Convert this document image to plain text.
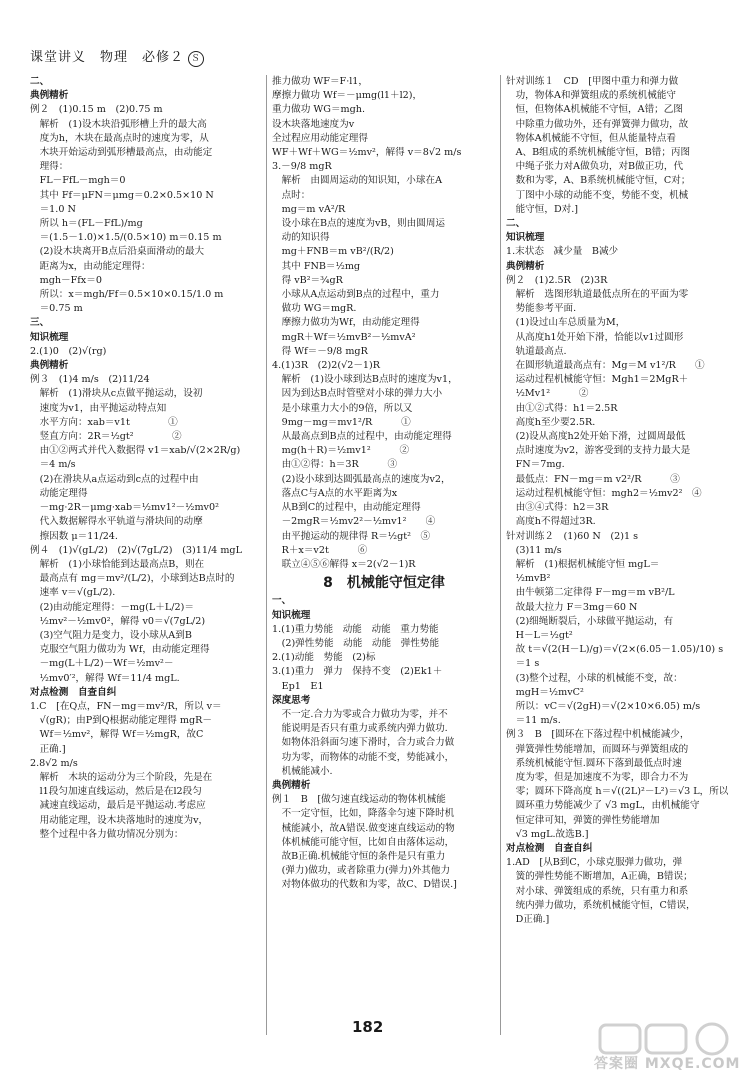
课堂讲义　物理　必修２ Ｓ
二、
典例精析
例２　(1)0.15 m　(2)0.75 m
　解析　(1)设木块沿弧形槽上升的最大高
　度为h，木块在最高点时的速度为零，从
　木块开始运动到弧形槽最高点，由动能定
　理得：
　FL－FfL－mgh＝0
　其中 Ff＝μFN＝μmg＝0.2×0.5×10 N
　＝1.0 N
　所以 h＝(FL－FfL)/mg
　＝(1.5－1.0)×1.5/(0.5×10) m＝0.15 m
　(2)设木块离开B点后沿桌面滑动的最大
　距离为x，由动能定理得：
　mgh－Ffx＝0
　所以：x＝mgh/Ff＝0.5×10×0.15/1.0 m
　＝0.75 m
三、
知识梳理
2.(1)0　(2)√(rg)
典例精析
例３　(1)4 m/s　(2)11/24
　解析　(1)滑块从c点做平抛运动，设初
　速度为v1，由平抛运动特点知
　水平方向：xab＝v1t　　　　①
　竖直方向：2R＝½gt²　　　　②
　由①②两式并代入数据得 v1＝xab/√(2×2R/g)
　＝4 m/s
　(2)在滑块从a点运动到c点的过程中由
　动能定理得
　－mg·2R－μmg·xab＝½mv1²－½mv0²
　代入数据解得水平轨道与滑块间的动摩
　擦因数 μ＝11/24.
例４　(1)√(gL/2)　(2)√(7gL/2)　(3)11/4 mgL
　解析　(1)小球恰能到达最高点B，则在
　最高点有 mg＝mv²/(L/2)，小球到达B点时的
　速率 v＝√(gL/2).
　(2)由动能定理得：－mg(L＋L/2)＝
　½mv²－½mv0²，解得 v0＝√(7gL/2)
　(3)空气阻力是变力，设小球从A到B
　克服空气阻力做功为 Wf，由动能定理得
　－mg(L＋L/2)－Wf＝½mv²－
　½mv0′²，解得 Wf＝11/4 mgL.
对点检测　自查自纠
1.C　[在Q点，FN－mg＝mv²/R，所以 v＝
　√(gR)；由P到Q根据动能定理得 mgR－
　Wf＝½mv²，解得 Wf＝½mgR，故C
　正确.]
2.8√2 m/s
　解析　木块的运动分为三个阶段，先是在
　l1段匀加速直线运动，然后是在l2段匀
　减速直线运动，最后是平抛运动.考虑应
　用动能定理，设木块落地时的速度为v，
　整个过程中各力做功情况分别为：
推力做功 WF＝F·l1，
摩擦力做功 Wf＝－μmg(l1＋l2)，
重力做功 WG＝mgh.
设木块落地速度为v
全过程应用动能定理得
WF＋Wf＋WG＝½mv²，解得 v＝8√2 m/s
3.－9/8 mgR
　解析　由圆周运动的知识知，小球在A
　点时：
　mg＝m vA²/R
　设小球在B点的速度为vB，则由圆周运
　动的知识得
　mg＋FNB＝m vB²/(R/2)
　其中 FNB＝½mg
　得 vB²＝¾gR
　小球从A点运动到B点的过程中，重力
　做功 WG＝mgR.
　摩擦力做功为Wf，由动能定理得
　mgR＋Wf＝½mvB²－½mvA²
　得 Wf＝－9/8 mgR
4.(1)3R　(2)2(√2－1)R
　解析　(1)设小球到达B点时的速度为v1，
　因为到达B点时管壁对小球的弹力大小
　是小球重力大小的9倍，所以又
　9mg－mg＝mv1²/R　　　①
　从最高点到B点的过程中，由动能定理得
　mg(h＋R)＝½mv1²　　　②
　由①②得：h＝3R　　　③
　(2)设小球到达圆弧最高点的速度为v2，
　落点C与A点的水平距离为x
　从B到C的过程中，由动能定理得
　－2mgR＝½mv2²－½mv1²　　④
　由平抛运动的规律得 R＝½gt²　⑤
　R＋x＝v2t　　　⑥
　联立④⑤⑥解得 x＝2(√2－1)R
8　机械能守恒定律
一、
知识梳理
1.(1)重力势能　动能　动能　重力势能
　(2)弹性势能　动能　动能　弹性势能
2.(1)动能　势能　(2)标
3.(1)重力　弹力　保持不变　(2)Ek1＋
　Ep1　E1
深度思考
　不一定.合力为零或合力做功为零，并不
　能说明是否只有重力或系统内弹力做功.
　如物体沿斜面匀速下滑时，合力或合力做
　功为零，而物体的动能不变，势能减小，
　机械能减小.
典例精析
例１　B　[做匀速直线运动的物体机械能
　不一定守恒，比如，降落伞匀速下降时机
　械能减小，故A错误.做变速直线运动的物
　体机械能可能守恒，比如自由落体运动，
　故B正确.机械能守恒的条件是只有重力
　(弹力)做功，或者除重力(弹力)外其他力
　对物体做功的代数和为零，故C、D错误.]
针对训练１　CD　[甲图中重力和弹力做
　功，物体A和弹簧组成的系统机械能守
　恒，但物体A机械能不守恒，A错；乙图
　中除重力做功外，还有弹簧弹力做功，故
　物体A机械能不守恒，但从能量特点看
　A、B组成的系统机械能守恒，B错；丙图
　中绳子张力对A做负功，对B做正功，代
　数和为零，A、B系统机械能守恒，C对；
　丁图中小球的动能不变，势能不变，机械
　能守恒，D对.]
二、
知识梳理
1.末状态　减少量　B减少
典例精析
例２　(1)2.5R　(2)3R
　解析　选图形轨道最低点所在的平面为零
　势能参考平面.
　(1)设过山车总质量为M，
　从高度h1处开始下滑，恰能以v1过圆形
　轨道最高点.
　在圆形轨道最高点有：Mg＝M v1²/R　　①
　运动过程机械能守恒：Mgh1＝2MgR＋
　½Mv1²　　　②
　由①②式得：h1＝2.5R
　高度h至少要2.5R.
　(2)设从高度h2处开始下滑，过圆周最低
　点时速度为v2，游客受到的支持力最大是
　FN＝7mg.
　最低点：FN－mg＝m v2²/R　　　③
　运动过程机械能守恒：mgh2＝½mv2²　④
　由③④式得：h2＝3R
　高度h不得超过3R.
针对训练２　(1)60 N　(2)1 s
　(3)11 m/s
　解析　(1)根据机械能守恒 mgL＝
　½mvB²
　由牛顿第二定律得 F－mg＝m vB²/L
　故最大拉力 F＝3mg＝60 N
　(2)细绳断裂后，小球做平抛运动，有
　H－L＝½gt²
　故 t＝√(2(H－L)/g)＝√(2×(6.05－1.05)/10) s
　＝1 s
　(3)整个过程，小球的机械能不变，故：
　mgH＝½mvC²
　所以：vC＝√(2gH)＝√(2×10×6.05) m/s
　＝11 m/s.
例３　B　[圆环在下落过程中机械能减少，
　弹簧弹性势能增加，而圆环与弹簧组成的
　系统机械能守恒.圆环下落到最低点时速
　度为零，但是加速度不为零，即合力不为
　零；圆环下降高度 h＝√((2L)²－L²)＝√3 L，所以
　圆环重力势能减少了 √3 mgL，由机械能守
　恒定律可知，弹簧的弹性势能增加
　√3 mgL.故选B.]
对点检测　自查自纠
1.AD　[从B到C，小球克服弹力做功，弹
　簧的弹性势能不断增加，A正确，B错误；
　对小球、弹簧组成的系统，只有重力和系
　统内弹力做功，系统机械能守恒，C错误，
　D正确.]
182
答案圈 MXQE.COM
